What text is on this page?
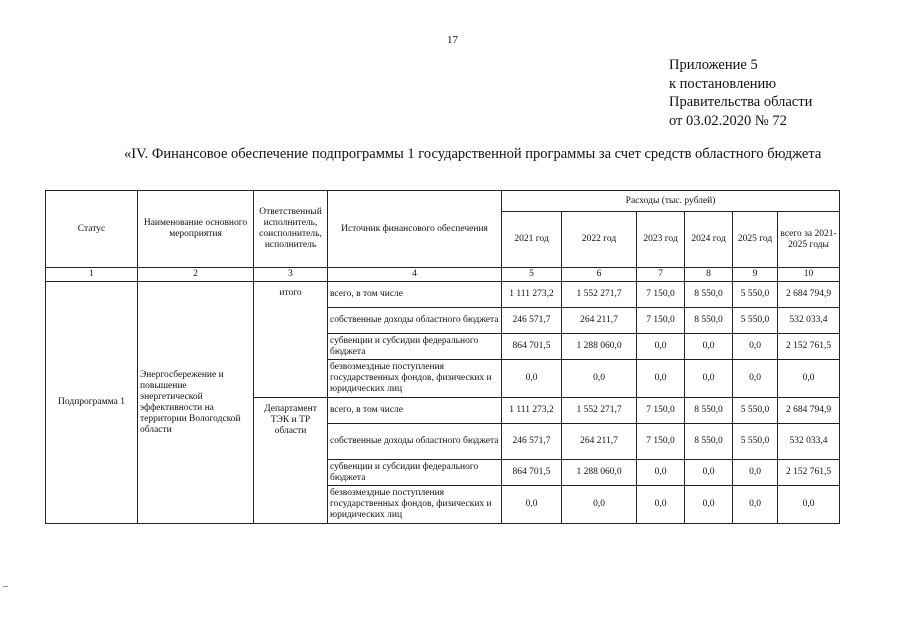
17
Приложение 5
к постановлению
Правительства области
от 03.02.2020 № 72
«IV. Финансовое обеспечение подпрограммы 1 государственной программы за счет средств областного бюджета
Статус	Наименование основного мероприятия	Ответственный исполнитель, соисполнитель, исполнитель	Источник финансового обеспечения	Расходы (тыс. рублей)					
				2021 год	2022 год	2023 год	2024 год	2025 год	всего за 2021-2025 годы
1	2	3	4	5	6	7	8	9	10
Подпрограмма 1	Энергосбережение и повышение энергетической эффективности на территории Вологодской области	итого	всего, в том числе	1 111 273,2	1 552 271,7	7 150,0	8 550,0	5 550,0	2 684 794,9
			собственные доходы областного бюджета	246 571,7	264 211,7	7 150,0	8 550,0	5 550,0	532 033,4
			субвенции и субсидии федерального бюджета	864 701,5	1 288 060,0	0,0	0,0	0,0	2 152 761,5
			безвозмездные поступления государственных фондов, физических и юридических лиц	0,0	0,0	0,0	0,0	0,0	0,0
		Департамент ТЭК и ТР области	всего, в том числе	1 111 273,2	1 552 271,7	7 150,0	8 550,0	5 550,0	2 684 794,9
			собственные доходы областного бюджета	246 571,7	264 211,7	7 150,0	8 550,0	5 550,0	532 033,4
			субвенции и субсидии федерального бюджета	864 701,5	1 288 060,0	0,0	0,0	0,0	2 152 761,5
			безвозмездные поступления государственных фондов, физических и юридических лиц	0,0	0,0	0,0	0,0	0,0	0,0
